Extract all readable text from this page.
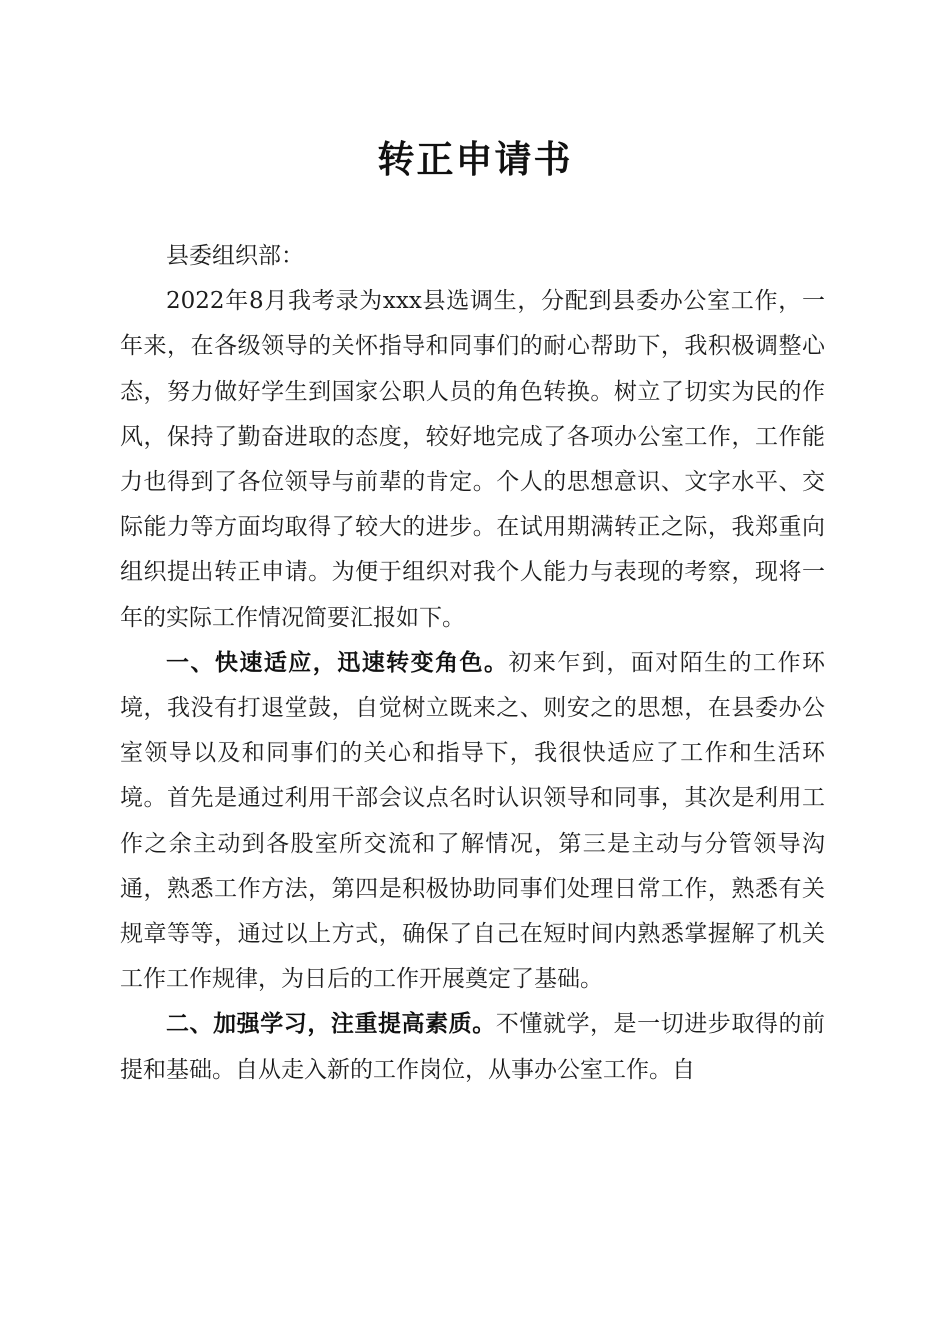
转正申请书

县委组织部：

2022年8月我考录为xxx县选调生，分配到县委办公室工作，一年来，在各级领导的关怀指导和同事们的耐心帮助下，我积极调整心态，努力做好学生到国家公职人员的角色转换。树立了切实为民的作风，保持了勤奋进取的态度，较好地完成了各项办公室工作，工作能力也得到了各位领导与前辈的肯定。个人的思想意识、文字水平、交际能力等方面均取得了较大的进步。在试用期满转正之际，我郑重向组织提出转正申请。为便于组织对我个人能力与表现的考察，现将一年的实际工作情况简要汇报如下。

一、快速适应，迅速转变角色。初来乍到，面对陌生的工作环境，我没有打退堂鼓，自觉树立既来之、则安之的思想，在县委办公室领导以及和同事们的关心和指导下，我很快适应了工作和生活环境。首先是通过利用干部会议点名时认识领导和同事，其次是利用工作之余主动到各股室所交流和了解情况，第三是主动与分管领导沟通，熟悉工作方法，第四是积极协助同事们处理日常工作，熟悉有关规章等等，通过以上方式，确保了自己在短时间内熟悉掌握解了机关工作工作规律，为日后的工作开展奠定了基础。

二、加强学习，注重提高素质。不懂就学，是一切进步取得的前提和基础。自从走入新的工作岗位，从事办公室工作。自
